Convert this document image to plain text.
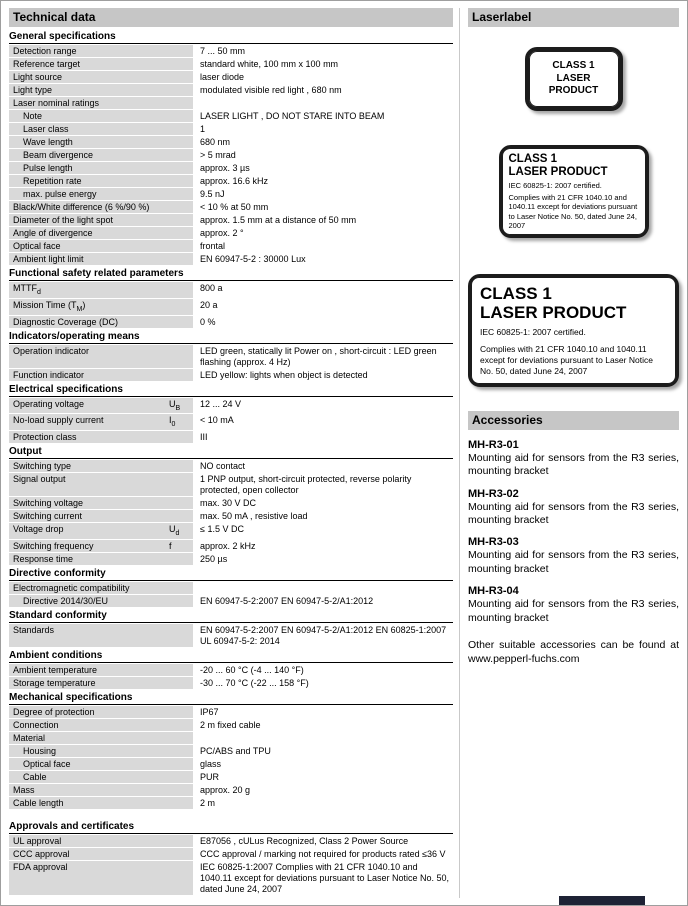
Technical data
General specifications
Detection range	7 ... 50 mm
Reference target	standard white, 100 mm x 100 mm
Light source	laser diode
Light type	modulated visible red light , 680 nm
Laser nominal ratings
Note	LASER LIGHT , DO NOT STARE INTO BEAM
Laser class	1
Wave length	680 nm
Beam divergence	> 5 mrad
Pulse length	approx. 3 µs
Repetition rate	approx. 16.6 kHz
max. pulse energy	9.5 nJ
Black/White difference (6 %/90 %)	< 10 % at 50 mm
Diameter of the light spot	approx. 1.5 mm at a distance of 50 mm
Angle of divergence	approx. 2 °
Optical face	frontal
Ambient light limit	EN 60947-5-2 : 30000 Lux
Functional safety related parameters
$MTTF_d$	800 a
Mission Time $(T_M)$	20 a
Diagnostic Coverage (DC)	0 %
Indicators/operating means
Operation indicator	LED green, statically lit Power on , short-circuit : LED green flashing (approx. 4 Hz)
Function indicator	LED yellow: lights when object is detected
Electrical specifications
Operating voltage	$U_B$	12 ... 24 V
No-load supply current	$I_0$	< 10 mA
Protection class	III
Output
Switching type	NO contact
Signal output	1 PNP output, short-circuit protected, reverse polarity protected, open collector
Switching voltage	max. 30 V DC
Switching current	max. 50 mA , resistive load
Voltage drop	$U_d$	≤ 1.5 V DC
Switching frequency	f	approx. 2 kHz
Response time	250 µs
Directive conformity
Electromagnetic compatibility
Directive 2014/30/EU	EN 60947-5-2:2007 EN 60947-5-2/A1:2012
Standard conformity
Standards	EN 60947-5-2:2007 EN 60947-5-2/A1:2012 EN 60825-1:2007 UL 60947-5-2: 2014
Ambient conditions
Ambient temperature	-20 ... 60 °C (-4 ... 140 °F)
Storage temperature	-30 ... 70 °C (-22 ... 158 °F)
Mechanical specifications
Degree of protection	IP67
Connection	2 m fixed cable
Material
Housing	PC/ABS and TPU
Optical face	glass
Cable	PUR
Mass	approx. 20 g
Cable length	2 m
Approvals and certificates
UL approval	E87056 , cULus Recognized, Class 2 Power Source
CCC approval	CCC approval / marking not required for products rated ≤36 V
FDA approval	IEC 60825-1:2007 Complies with 21 CFR 1040.10 and 1040.11 except for deviations pursuant to Laser Notice No. 50, dated June 24, 2007
Laserlabel
CLASS 1
LASER
PRODUCT
CLASS 1
LASER PRODUCT
IEC 60825-1: 2007 certified.
Complies with 21 CFR 1040.10 and 1040.11 except for deviations pursuant to Laser Notice No. 50, dated June 24, 2007
CLASS 1
LASER PRODUCT
IEC 60825-1: 2007 certified.
Complies with 21 CFR 1040.10 and 1040.11 except for deviations pursuant to Laser Notice No. 50, dated June 24, 2007
Accessories
MH-R3-01
Mounting aid for sensors from the R3 series, mounting bracket
MH-R3-02
Mounting aid for sensors from the R3 series, mounting bracket
MH-R3-03
Mounting aid for sensors from the R3 series, mounting bracket
MH-R3-04
Mounting aid for sensors from the R3 series, mounting bracket

Other suitable accessories can be found at www.pepperl-fuchs.com
